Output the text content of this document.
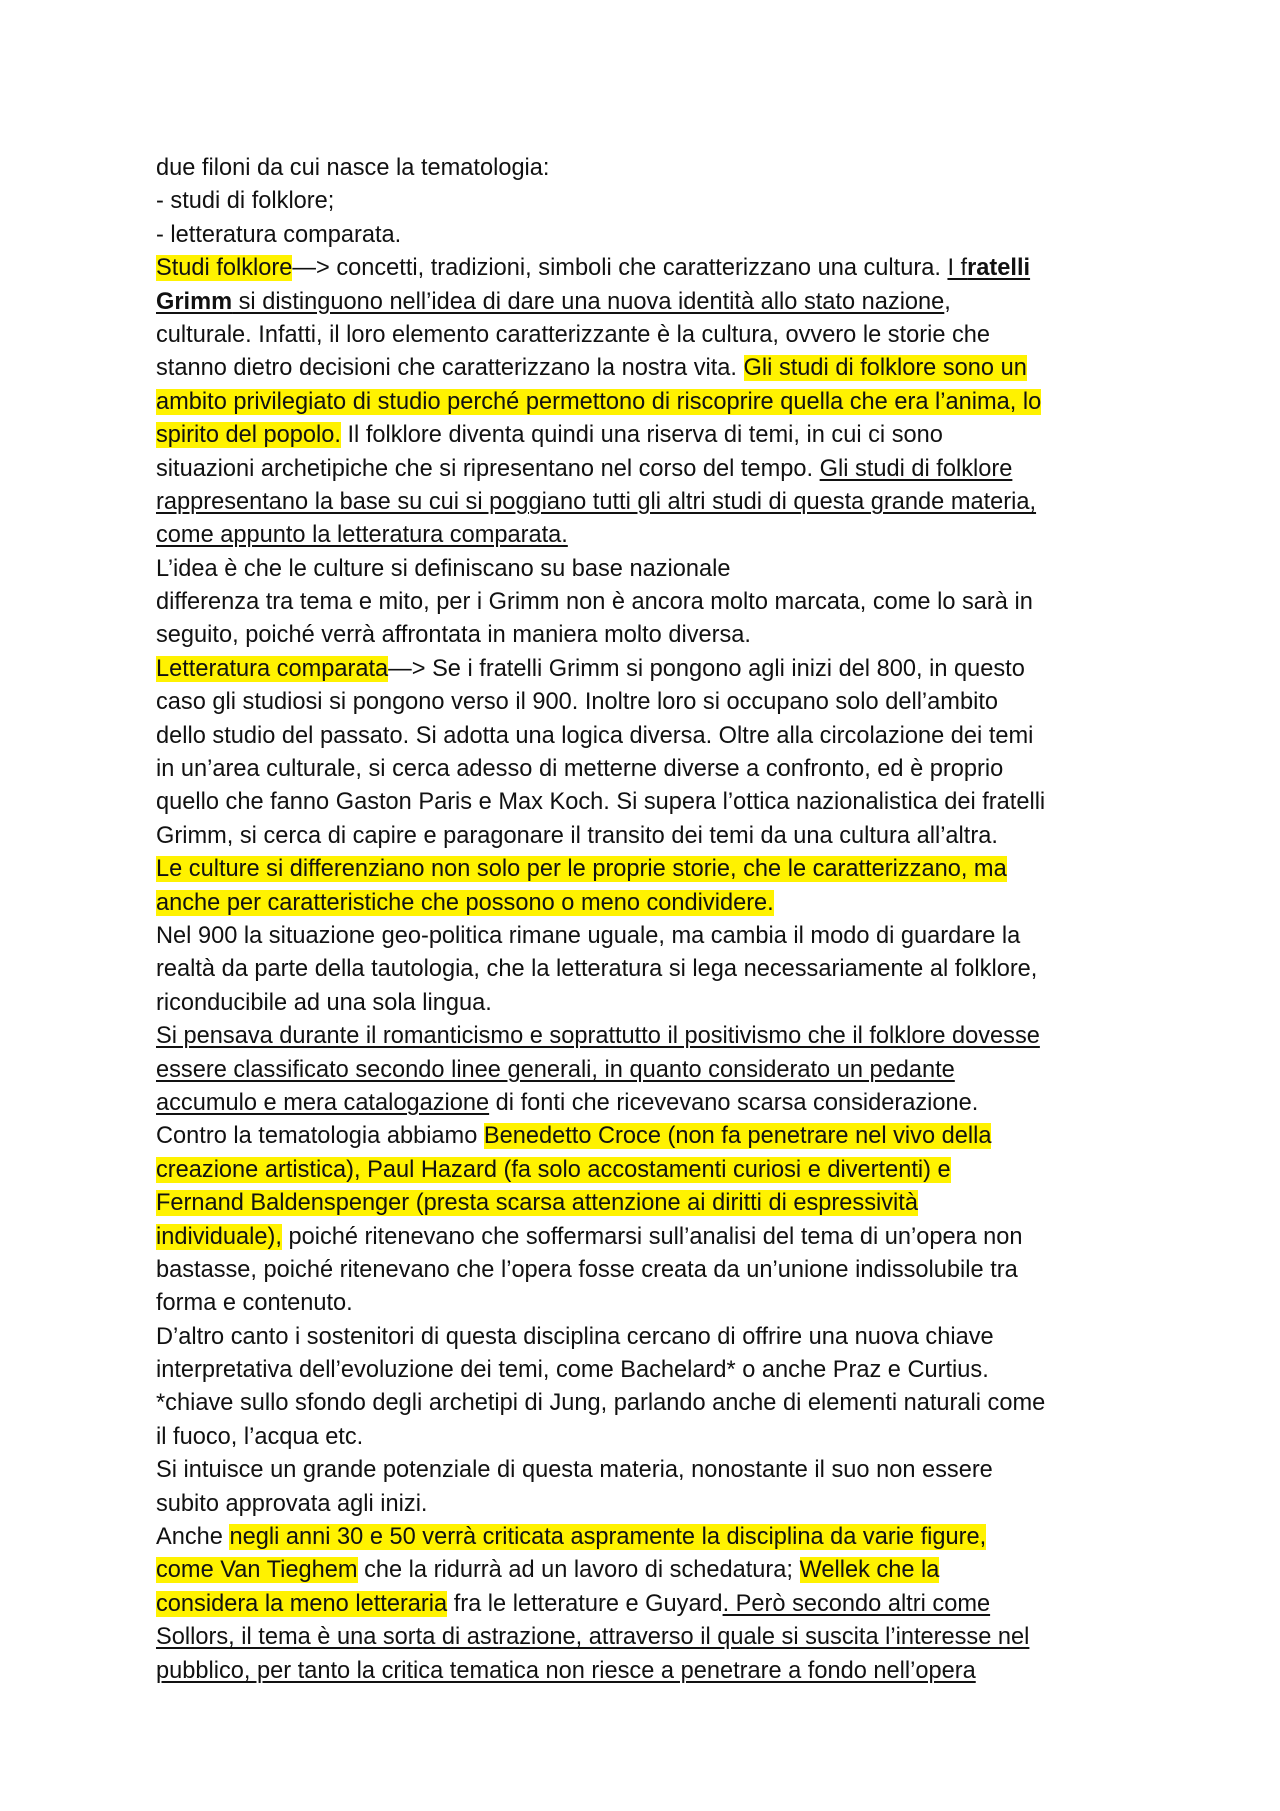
due filoni da cui nasce la tematologia:
- studi di folklore;
- letteratura comparata.
Studi folklore—> concetti, tradizioni, simboli che caratterizzano una cultura. I fratelli
Grimm si distinguono nell’idea di dare una nuova identità allo stato nazione,
culturale. Infatti, il loro elemento caratterizzante è la cultura, ovvero le storie che
stanno dietro decisioni che caratterizzano la nostra vita. Gli studi di folklore sono un
ambito privilegiato di studio perché permettono di riscoprire quella che era l’anima, lo
spirito del popolo. Il folklore diventa quindi una riserva di temi, in cui ci sono
situazioni archetipiche che si ripresentano nel corso del tempo. Gli studi di folklore
rappresentano la base su cui si poggiano tutti gli altri studi di questa grande materia,
come appunto la letteratura comparata.
L’idea è che le culture si definiscano su base nazionale
differenza tra tema e mito, per i Grimm non è ancora molto marcata, come lo sarà in
seguito, poiché verrà affrontata in maniera molto diversa.
Letteratura comparata—> Se i fratelli Grimm si pongono agli inizi del 800, in questo
caso gli studiosi si pongono verso il 900. Inoltre loro si occupano solo dell’ambito
dello studio del passato. Si adotta una logica diversa. Oltre alla circolazione dei temi
in un’area culturale, si cerca adesso di metterne diverse a confronto, ed è proprio
quello che fanno Gaston Paris e Max Koch. Si supera l’ottica nazionalistica dei fratelli
Grimm, si cerca di capire e paragonare il transito dei temi da una cultura all’altra.
Le culture si differenziano non solo per le proprie storie, che le caratterizzano, ma
anche per caratteristiche che possono o meno condividere.
Nel 900 la situazione geo-politica rimane uguale, ma cambia il modo di guardare la
realtà da parte della tautologia, che la letteratura si lega necessariamente al folklore,
riconducibile ad una sola lingua.
Si pensava durante il romanticismo e soprattutto il positivismo che il folklore dovesse
essere classificato secondo linee generali, in quanto considerato un pedante
accumulo e mera catalogazione di fonti che ricevevano scarsa considerazione.
Contro la tematologia abbiamo Benedetto Croce (non fa penetrare nel vivo della
creazione artistica), Paul Hazard (fa solo accostamenti curiosi e divertenti) e
Fernand Baldenspenger (presta scarsa attenzione ai diritti di espressività
individuale), poiché ritenevano che soffermarsi sull’analisi del tema di un’opera non
bastasse, poiché ritenevano che l’opera fosse creata da un’unione indissolubile tra
forma e contenuto.
D’altro canto i sostenitori di questa disciplina cercano di offrire una nuova chiave
interpretativa dell’evoluzione dei temi, come Bachelard* o anche Praz e Curtius.
*chiave sullo sfondo degli archetipi di Jung, parlando anche di elementi naturali come
il fuoco, l’acqua etc.
Si intuisce un grande potenziale di questa materia, nonostante il suo non essere
subito approvata agli inizi.
Anche negli anni 30 e 50 verrà criticata aspramente la disciplina da varie figure,
come Van Tieghem che la ridurrà ad un lavoro di schedatura; Wellek che la
considera la meno letteraria fra le letterature e Guyard. Però secondo altri come
Sollors, il tema è una sorta di astrazione, attraverso il quale si suscita l’interesse nel
pubblico, per tanto la critica tematica non riesce a penetrare a fondo nell’opera
